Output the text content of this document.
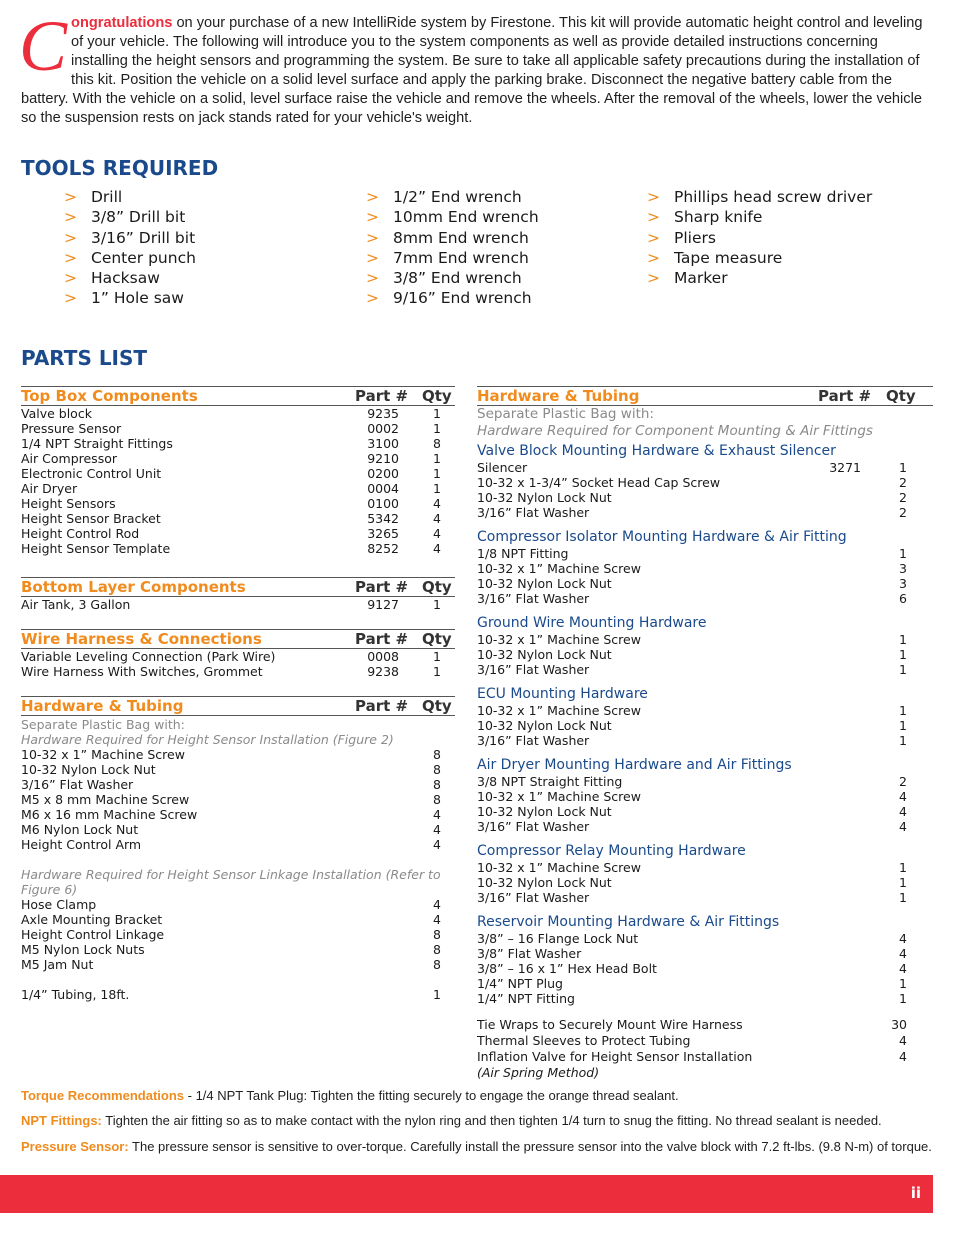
Congratulations on your purchase of a new IntelliRide system by Firestone. This kit will provide automatic height control and leveling of your vehicle. The following will introduce you to the system components as well as provide detailed instructions concerning installing the height sensors and programming the system. Be sure to take all applicable safety precautions during the installation of this kit. Position the vehicle on a solid level surface and apply the parking brake. Disconnect the negative battery cable from the battery. With the vehicle on a solid, level surface raise the vehicle and remove the wheels. After the removal of the wheels, lower the vehicle so the suspension rests on jack stands rated for your vehicle's weight.
TOOLS REQUIRED
> Drill
> 3/8” Drill bit
> 3/16” Drill bit
> Center punch
> Hacksaw
> 1” Hole saw
> 1/2” End wrench
> 10mm End wrench
> 8mm End wrench
> 7mm End wrench
> 3/8” End wrench
> 9/16” End wrench
> Phillips head screw driver
> Sharp knife
> Pliers
> Tape measure
> Marker
PARTS LIST
Top Box Components	Part # Qty
Valve block	9235	1
Pressure Sensor	0002	1
1/4 NPT Straight Fittings	3100	8
Air Compressor	9210	1
Electronic Control Unit	0200	1
Air Dryer	0004	1
Height Sensors	0100	4
Height Sensor Bracket	5342	4
Height Control Rod	3265	4
Height Sensor Template	8252	4
Bottom Layer Components	Part # Qty
Air Tank, 3 Gallon	9127	1
Wire Harness & Connections	Part # Qty
Variable Leveling Connection (Park Wire)	0008	1
Wire Harness With Switches, Grommet	9238	1
Hardware & Tubing	Part # Qty
Separate Plastic Bag with:
Hardware Required for Height Sensor Installation (Figure 2)
10-32 x 1” Machine Screw	8
10-32 Nylon Lock Nut	8
3/16” Flat Washer	8
M5 x 8 mm Machine Screw	8
M6 x 16 mm Machine Screw	4
M6 Nylon Lock Nut	4
Height Control Arm	4
Hardware Required for Height Sensor Linkage Installation (Refer to Figure 6)
Hose Clamp	4
Axle Mounting Bracket	4
Height Control Linkage	8
M5 Nylon Lock Nuts	8
M5 Jam Nut	8
1/4” Tubing, 18ft.	1
Hardware & Tubing	Part # Qty
Separate Plastic Bag with:
Hardware Required for Component Mounting & Air Fittings
Valve Block Mounting Hardware & Exhaust Silencer
Silencer	3271	1
10-32 x 1-3/4” Socket Head Cap Screw	2
10-32 Nylon Lock Nut	2
3/16” Flat Washer	2
Compressor Isolator Mounting Hardware & Air Fitting
1/8 NPT Fitting	1
10-32 x 1” Machine Screw	3
10-32 Nylon Lock Nut	3
3/16” Flat Washer	6
Ground Wire Mounting Hardware
10-32 x 1” Machine Screw	1
10-32 Nylon Lock Nut	1
3/16” Flat Washer	1
ECU Mounting Hardware
10-32 x 1” Machine Screw	1
10-32 Nylon Lock Nut	1
3/16” Flat Washer	1
Air Dryer Mounting Hardware and Air Fittings
3/8 NPT Straight Fitting	2
10-32 x 1” Machine Screw	4
10-32 Nylon Lock Nut	4
3/16” Flat Washer	4
Compressor Relay Mounting Hardware
10-32 x 1” Machine Screw	1
10-32 Nylon Lock Nut	1
3/16” Flat Washer	1
Reservoir Mounting Hardware & Air Fittings
3/8” – 16 Flange Lock Nut	4
3/8” Flat Washer	4
3/8” – 16 x 1” Hex Head Bolt	4
1/4” NPT Plug	1
1/4” NPT Fitting	1
Tie Wraps to Securely Mount Wire Harness	30
Thermal Sleeves to Protect Tubing	4
Inflation Valve for Height Sensor Installation	4
(Air Spring Method)
Torque Recommendations - 1/4 NPT Tank Plug: Tighten the fitting securely to engage the orange thread sealant.
NPT Fittings: Tighten the air fitting so as to make contact with the nylon ring and then tighten 1/4 turn to snug the fitting. No thread sealant is needed.
Pressure Sensor: The pressure sensor is sensitive to over-torque. Carefully install the pressure sensor into the valve block with 7.2 ft-lbs. (9.8 N-m) of torque.
ii
